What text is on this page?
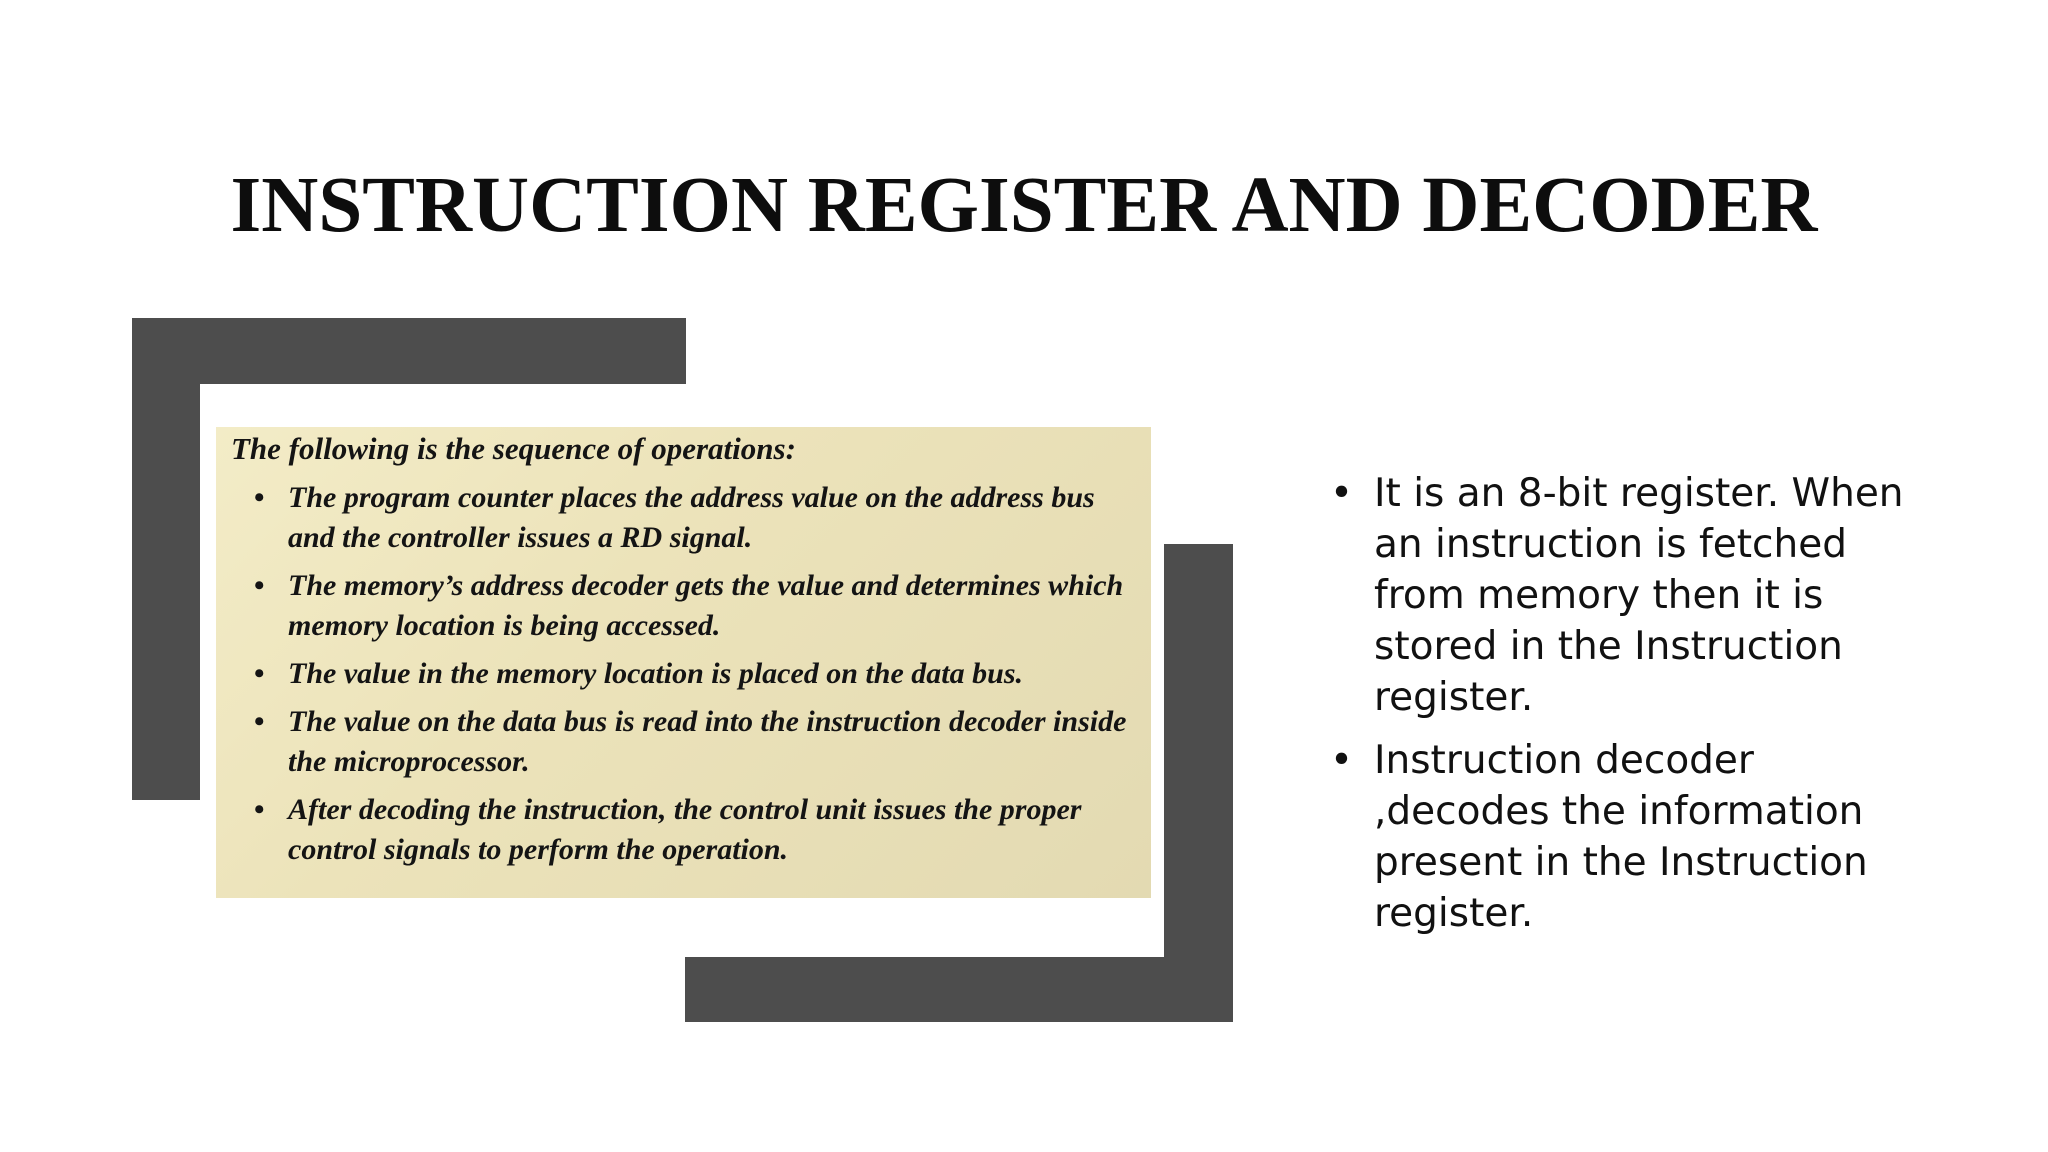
INSTRUCTION REGISTER AND DECODER

The following is the sequence of operations:

• The program counter places the address value on the address bus and the controller issues a RD signal.
• The memory’s address decoder gets the value and determines which memory location is being accessed.
• The value in the memory location is placed on the data bus.
• The value on the data bus is read into the instruction decoder inside the microprocessor.
• After decoding the instruction, the control unit issues the proper control signals to perform the operation.
• It is an 8-bit register. When an instruction is fetched from memory then it is stored in the Instruction register.
• Instruction decoder ,decodes the information present in the Instruction register.
